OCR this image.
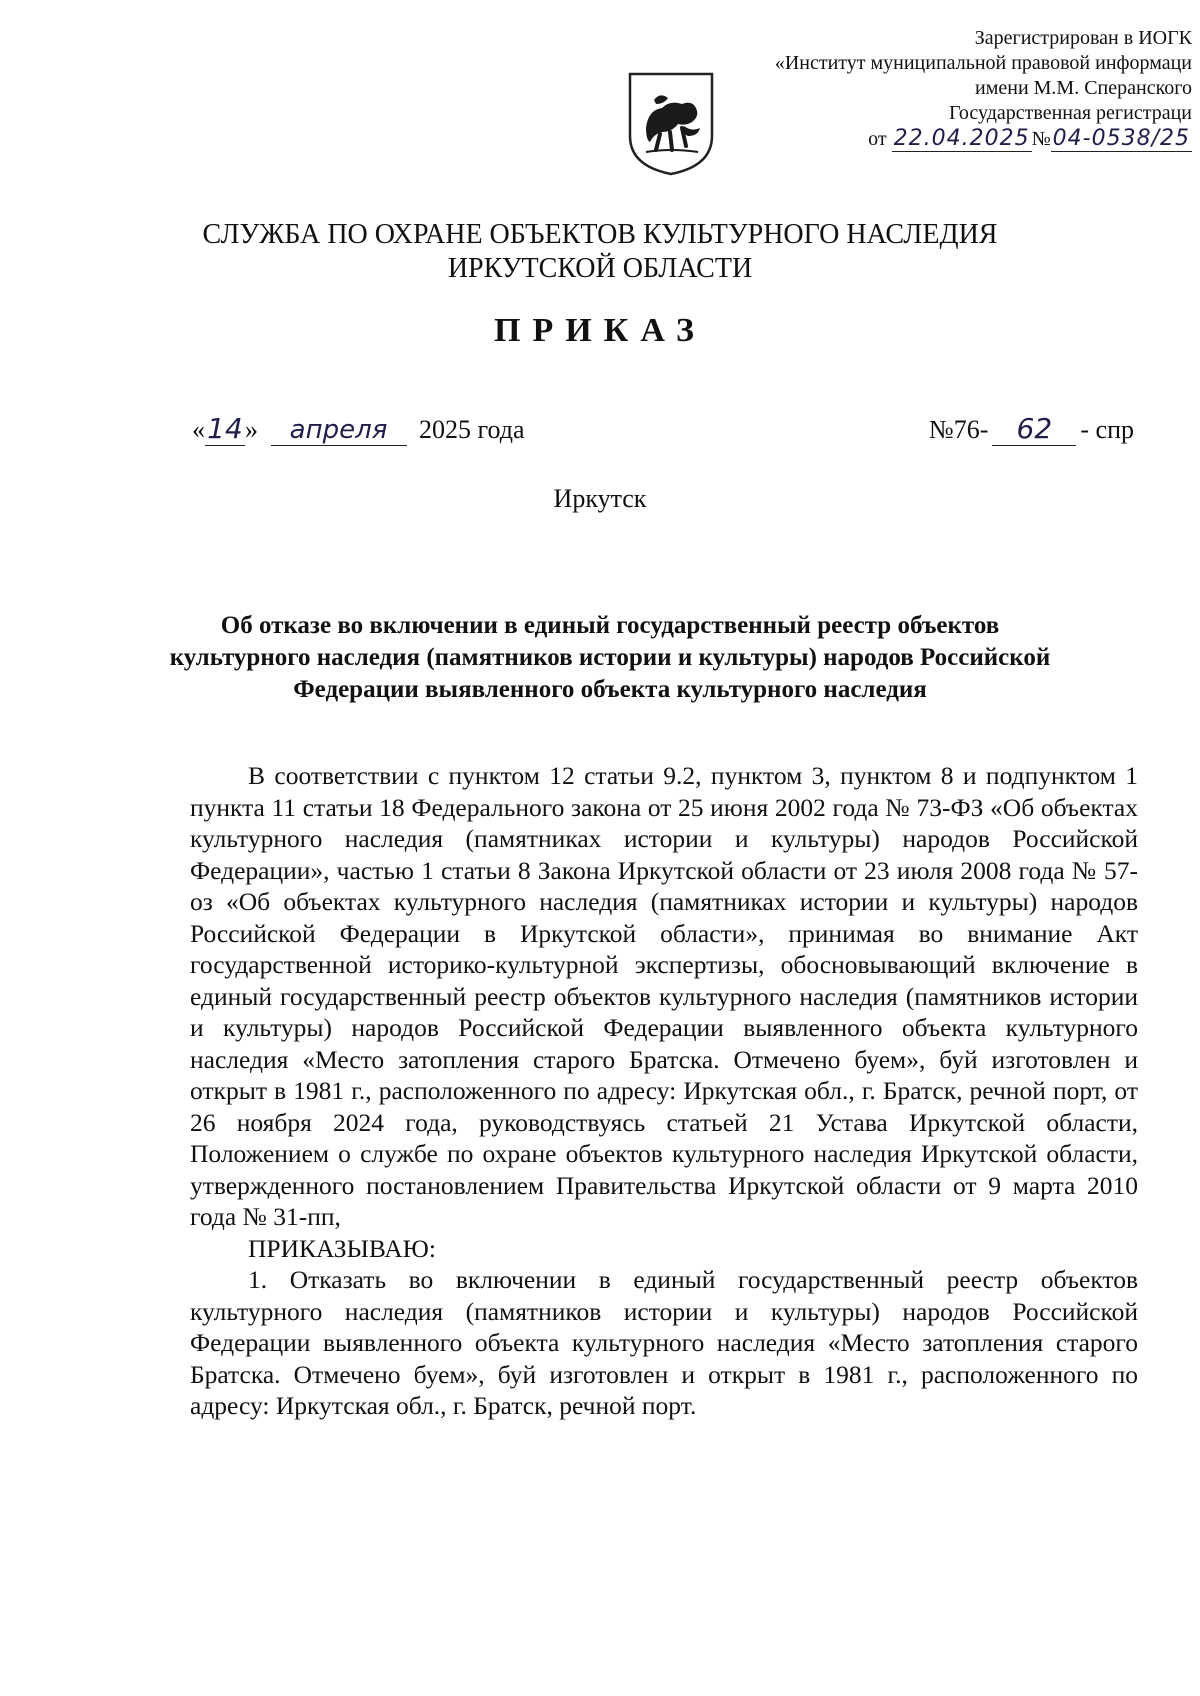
Зарегистрирован в ИОГК
«Институт муниципальной правовой информаци
имени М.М. Сперанского
Государственная регистраци
от 22.04.2025 №04-0538/25
СЛУЖБА ПО ОХРАНЕ ОБЪЕКТОВ КУЛЬТУРНОГО НАСЛЕДИЯ
ИРКУТСКОЙ ОБЛАСТИ
ПРИКАЗ
«14» апреля 2025 года	№76- 62 - спр
Иркутск
Об отказе во включении в единый государственный реестр объектов культурного наследия (памятников истории и культуры) народов Российской Федерации выявленного объекта культурного наследия

В соответствии с пунктом 12 статьи 9.2, пунктом 3, пунктом 8 и подпунктом 1 пункта 11 статьи 18 Федерального закона от 25 июня 2002 года № 73-ФЗ «Об объектах культурного наследия (памятниках истории и культуры) народов Российской Федерации», частью 1 статьи 8 Закона Иркутской области от 23 июля 2008 года № 57-оз «Об объектах культурного наследия (памятниках истории и культуры) народов Российской Федерации в Иркутской области», принимая во внимание Акт государственной историко-культурной экспертизы, обосновывающий включение в единый государственный реестр объектов культурного наследия (памятников истории и культуры) народов Российской Федерации выявленного объекта культурного наследия «Место затопления старого Братска. Отмечено буем», буй изготовлен и открыт в 1981 г., расположенного по адресу: Иркутская обл., г. Братск, речной порт, от 26 ноября 2024 года, руководствуясь статьей 21 Устава Иркутской области, Положением о службе по охране объектов культурного наследия Иркутской области, утвержденного постановлением Правительства Иркутской области от 9 марта 2010 года № 31-пп,

ПРИКАЗЫВАЮ:

1. Отказать во включении в единый государственный реестр объектов культурного наследия (памятников истории и культуры) народов Российской Федерации выявленного объекта культурного наследия «Место затопления старого Братска. Отмечено буем», буй изготовлен и открыт в 1981 г., расположенного по адресу: Иркутская обл., г. Братск, речной порт.
